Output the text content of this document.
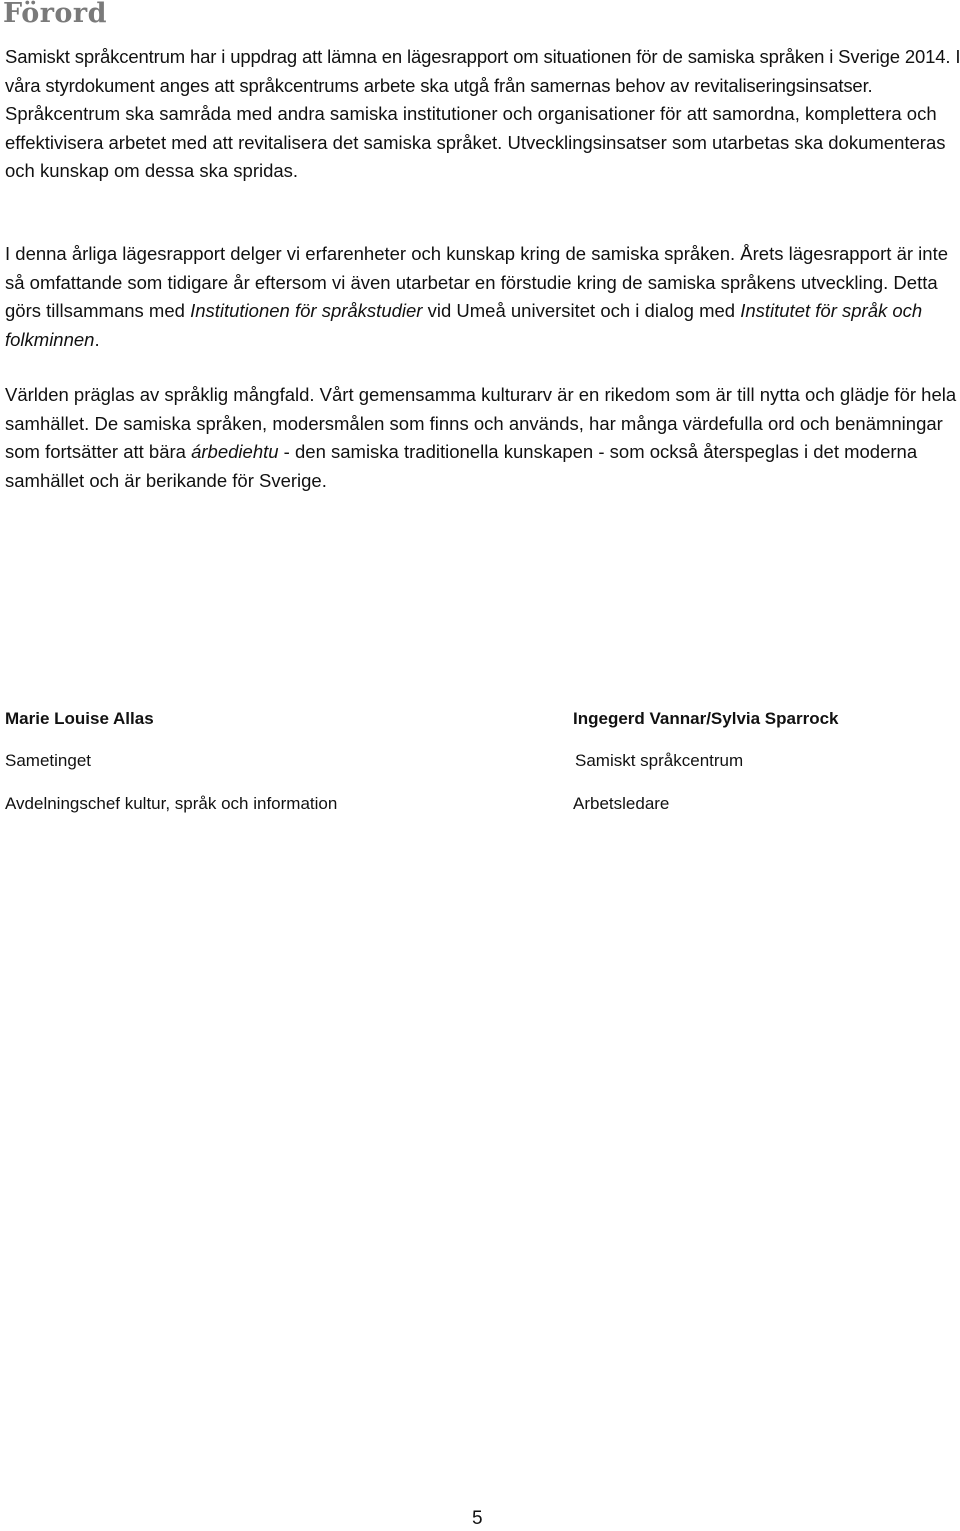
Förord

Samiskt språkcentrum har i uppdrag att lämna en lägesrapport om situationen för de samiska språken i Sverige 2014. I våra styrdokument anges att språkcentrums arbete ska utgå från samernas behov av revitaliseringsinsatser. Språkcentrum ska samråda med andra samiska institutioner och organisationer för att samordna, komplettera och effektivisera arbetet med att revitalisera det samiska språket. Utvecklingsinsatser som utarbetas ska dokumenteras och kunskap om dessa ska spridas.

I denna årliga lägesrapport delger vi erfarenheter och kunskap kring de samiska språken. Årets lägesrapport är inte så omfattande som tidigare år eftersom vi även utarbetar en förstudie kring de samiska språkens utveckling. Detta görs tillsammans med Institutionen för språkstudier vid Umeå universitet och i dialog med Institutet för språk och folkminnen.

Världen präglas av språklig mångfald. Vårt gemensamma kulturarv är en rikedom som är till nytta och glädje för hela samhället. De samiska språken, modersmålen som finns och används, har många värdefulla ord och benämningar som fortsätter att bära árbediehtu - den samiska traditionella kunskapen - som också återspeglas i det moderna samhället och är berikande för Sverige.

Marie Louise Allas

Sametinget

Avdelningschef kultur, språk och information

Ingegerd Vannar/Sylvia Sparrock

Samiskt språkcentrum

Arbetsledare

5
